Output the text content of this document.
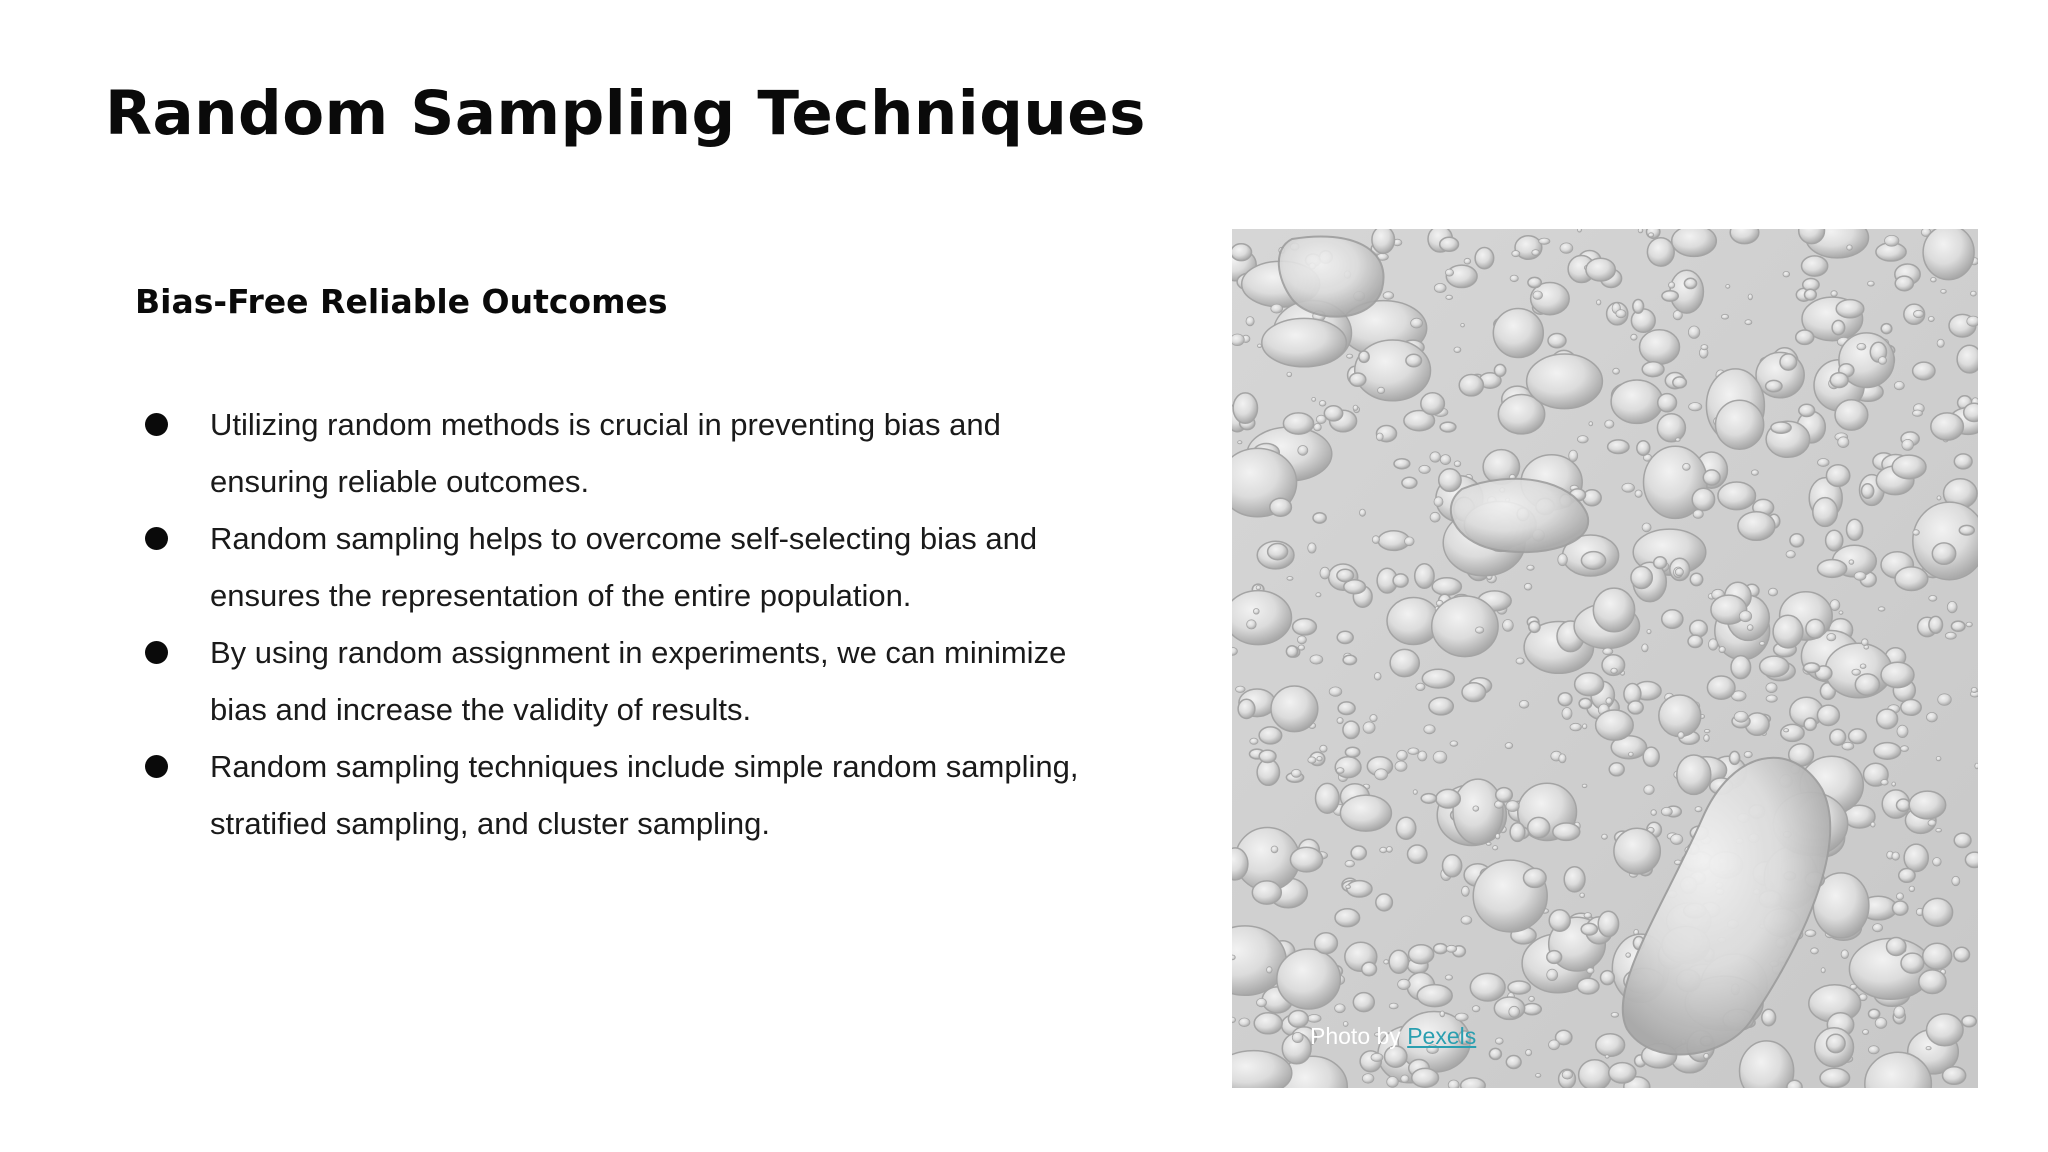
Random Sampling Techniques
Bias-Free Reliable Outcomes
Utilizing random methods is crucial in preventing bias and ensuring reliable outcomes.
Random sampling helps to overcome self-selecting bias and ensures the representation of the entire population.
By using random assignment in experiments, we can minimize bias and increase the validity of results.
Random sampling techniques include simple random sampling, stratified sampling, and cluster sampling.
Photo by Pexels
